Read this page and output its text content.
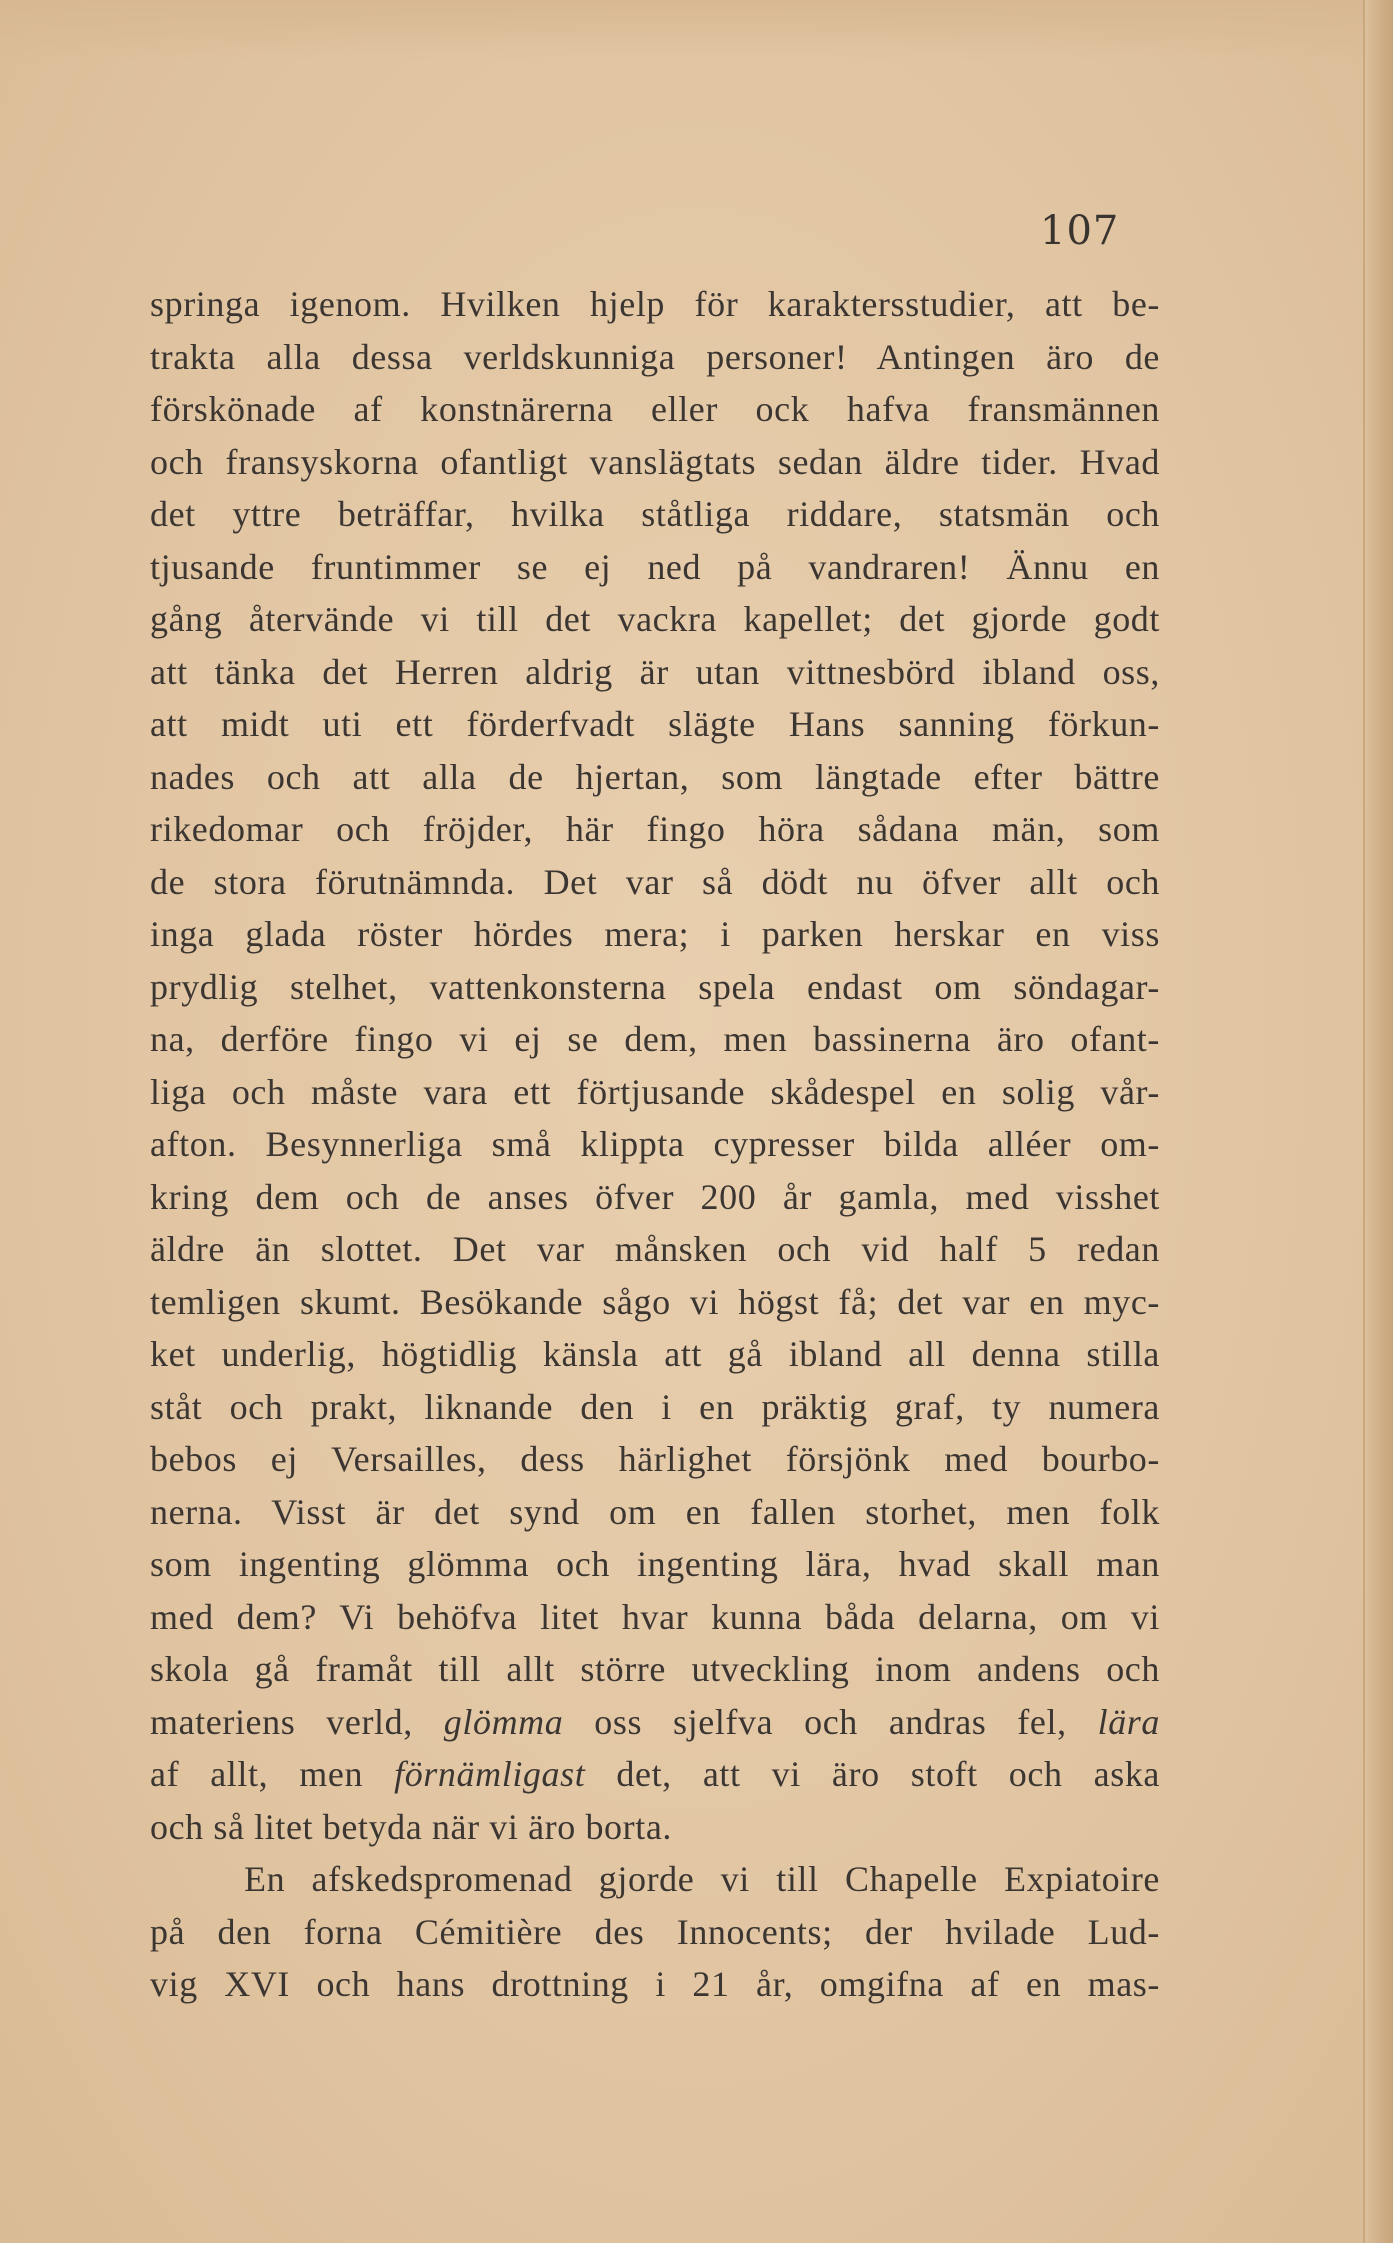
107
springa igenom. Hvilken hjelp för karaktersstudier, att be-
trakta alla dessa verldskunniga personer! Antingen äro de
förskönade af konstnärerna eller ock hafva fransmännen
och fransyskorna ofantligt vanslägtats sedan äldre tider. Hvad
det yttre beträffar, hvilka ståtliga riddare, statsmän och
tjusande fruntimmer se ej ned på vandraren! Ännu en
gång återvände vi till det vackra kapellet; det gjorde godt
att tänka det Herren aldrig är utan vittnesbörd ibland oss,
att midt uti ett förderfvadt slägte Hans sanning förkun-
nades och att alla de hjertan, som längtade efter bättre
rikedomar och fröjder, här fingo höra sådana män, som
de stora förutnämnda. Det var så dödt nu öfver allt och
inga glada röster hördes mera; i parken herskar en viss
prydlig stelhet, vattenkonsterna spela endast om söndagar-
na, derföre fingo vi ej se dem, men bassinerna äro ofant-
liga och måste vara ett förtjusande skådespel en solig vår-
afton. Besynnerliga små klippta cypresser bilda alléer om-
kring dem och de anses öfver 200 år gamla, med visshet
äldre än slottet. Det var månsken och vid half 5 redan
temligen skumt. Besökande sågo vi högst få; det var en myc-
ket underlig, högtidlig känsla att gå ibland all denna stilla
ståt och prakt, liknande den i en präktig graf, ty numera
bebos ej Versailles, dess härlighet försjönk med bourbo-
nerna. Visst är det synd om en fallen storhet, men folk
som ingenting glömma och ingenting lära, hvad skall man
med dem? Vi behöfva litet hvar kunna båda delarna, om vi
skola gå framåt till allt större utveckling inom andens och
materiens verld, glömma oss sjelfva och andras fel, lära
af allt, men förnämligast det, att vi äro stoft och aska
och så litet betyda när vi äro borta.
En afskedspromenad gjorde vi till Chapelle Expiatoire
på den forna Cémitière des Innocents; der hvilade Lud-
vig XVI och hans drottning i 21 år, omgifna af en mas-
